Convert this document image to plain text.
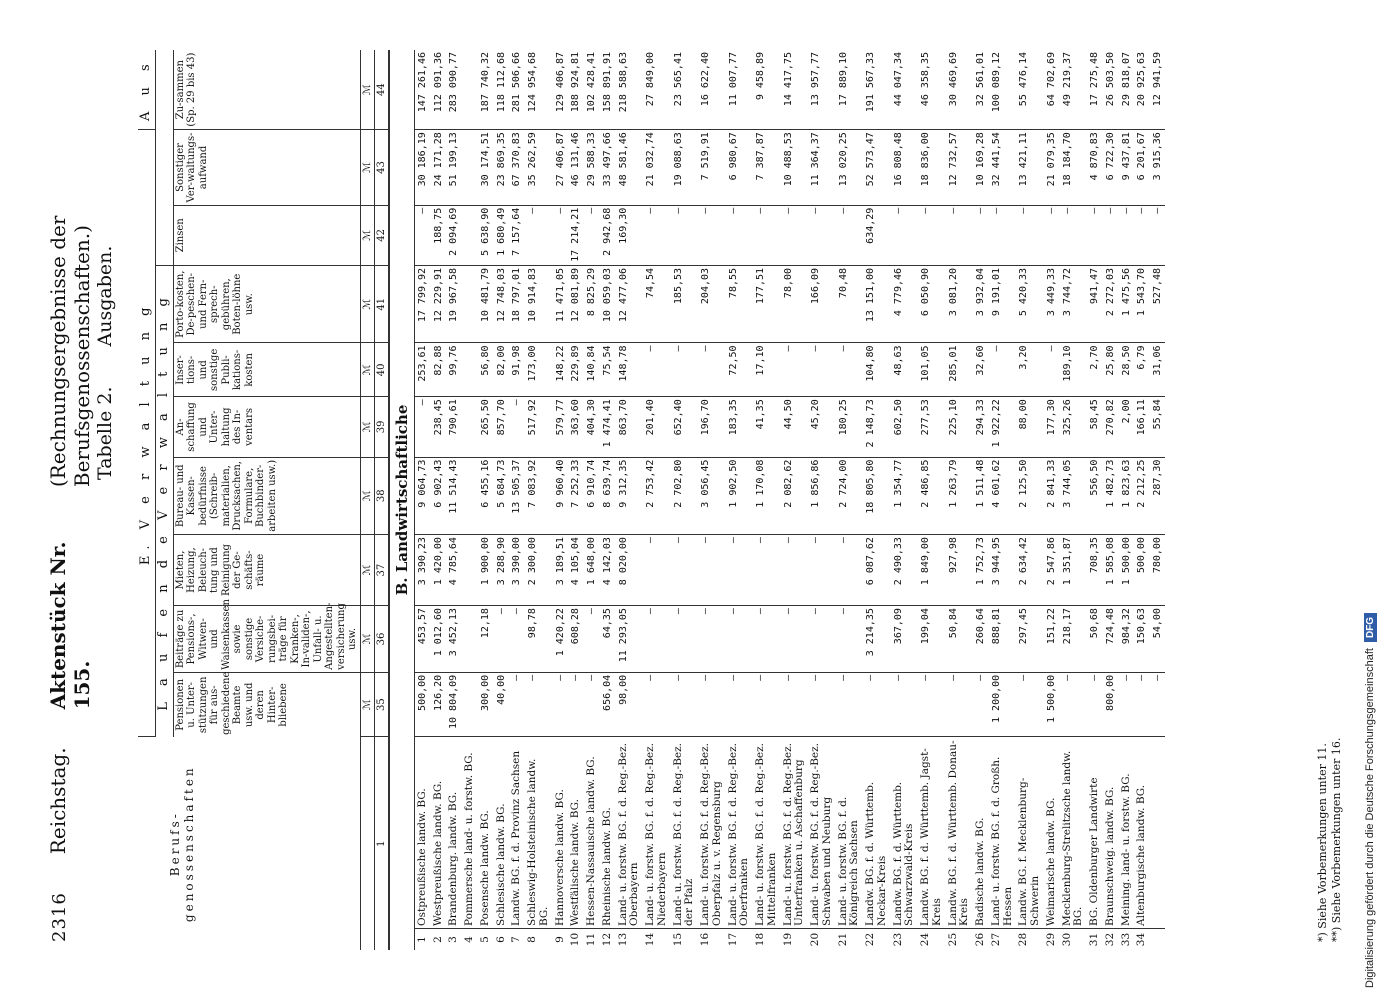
2316
Reichstag.
Aktenstück Nr. 155.
(Rechnungsergebnisse der Berufsgenossenschaften.) Tabelle 2.
Ausgaben.
Berufs-
genossenschaften		E. V e r w a l t u n g									A u s
		L a u f e n d e V e r w a l t u n g									
		Pensionen u. Unter-stützungen für aus-geschiedene Beamte usw. und deren Hinter-bliebene	Beiträge zu Pensions-, Witwen- und Waisenkassen sowie sonstige Versiche-rungsbei-träge für Kranken-, In-validen-, Unfall- u. Angestellten-versicherung usw.	Mieten, Heizung, Beleuch-tung und Reinigung der Ge-schäfts-räume	Bureau- und Kassen-bedürfnisse (Schreib-materialien, Drucksachen, Formulare, Buchbinder-arbeiten usw.)	An-schaffung und Unter-haltung des In-ventars	Inser-tions- und sonstige Publi-kations-kosten	Porto-kosten, De-peschen- und Fern-sprech-gebühren, Boten-löhne usw.	Zinsen	Sonstiger Ver-waltungs-aufwand	Zu-sammen (Sp. 29 bis 43)
		ℳ	ℳ	ℳ	ℳ	ℳ	ℳ	ℳ	ℳ	ℳ	ℳ
1		35	36	37	38	39	40	41	42	43	44
B. Landwirtschaftliche											
1	Ostpreußische landw. BG.	500,00	453,57	3 390,23	9 064,73	—	253,61	17 799,92	—	30 186,19	147 261,46
2	Westpreußische landw. BG.	126,20	1 012,60	1 420,00	6 902,43	238,45	82,88	12 229,91	188,75	24 171,28	112 091,36
3	Brandenburg. landw. BG.	10 804,09	3 452,13	4 785,64	11 514,43	790,61	99,76	19 967,58	2 094,69	51 199,13	283 090,77
4	Pommersche land- u. forstw. BG.										
5	Posensche landw. BG.	300,00	12,18	1 900,00	6 455,16	265,50	56,80	10 481,79	5 638,90	30 174,51	187 740,32
6	Schlesische landw. BG.	40,00	—	3 288,90	5 684,73	857,70	82,00	12 748,03	1 680,49	23 869,35	118 112,68
7	Landw. BG. f. d. Provinz Sachsen	—	—	3 390,00	13 505,37	—	91,98	18 797,01	7 157,64	67 370,83	281 506,66
8	Schleswig-Holsteinische landw. BG.	—	98,78	2 300,00	7 083,92	517,92	173,00	10 914,83	—	35 262,59	124 954,68
9	Hannoversche landw. BG.	—	1 420,22	3 189,51	9 960,40	579,77	148,22	11 471,05	—	27 406,87	129 406,87
10	Westfälische landw. BG.	—	608,28	4 105,04	7 252,33	363,60	229,89	12 081,89	17 214,21	46 131,46	188 924,81
11	Hessen-Nassauische landw. BG.	—	—	1 648,00	6 910,74	404,30	140,84	8 825,29	—	29 588,33	102 428,41
12	Rheinische landw. BG.	656,04	64,35	4 142,03	8 639,74	1 474,41	75,54	10 059,03	2 942,68	33 497,66	158 891,91
13	Land- u. forstw. BG. f. d. Reg.-Bez. Oberbayern	98,00	11 293,05	8 020,00	9 312,35	863,70	148,78	12 477,06	169,30	48 581,46	218 588,63
14	Land- u. forstw. BG. f. d. Reg.-Bez. Niederbayern	—	—	—	2 753,42	201,40	—	74,54	—	21 032,74	27 849,00
15	Land- u. forstw. BG. f. d. Reg.-Bez. der Pfalz	—	—	—	2 702,80	652,40	—	185,53	—	19 088,63	23 565,41
16	Land- u. forstw. BG. f. d. Reg.-Bez. Oberpfalz u. v. Regensburg	—	—	—	3 056,45	196,70	—	204,03	—	7 519,91	16 622,40
17	Land- u. forstw. BG. f. d. Reg.-Bez. Oberfranken	—	—	—	1 902,50	183,35	72,50	78,55	—	6 980,67	11 007,77
18	Land- u. forstw. BG. f. d. Reg.-Bez. Mittelfranken	—	—	—	1 170,08	41,35	17,10	177,51	—	7 387,87	9 458,89
19	Land- u. forstw. BG. f. d. Reg.-Bez. Unterfranken u. Aschaffenburg	—	—	—	2 082,62	44,50	—	78,00	—	10 488,53	14 417,75
20	Land- u. forstw. BG. f. d. Reg.-Bez. Schwaben und Neuburg	—	—	—	1 856,86	45,20	—	166,09	—	11 364,37	13 957,77
21	Land- u. forstw. BG. f. d. Königreich Sachsen	—	—	—	2 724,00	180,25	—	70,48	—	13 020,25	17 889,10
22	Landw. BG. f. d. Württemb. Neckar-Kreis	—	3 214,35	6 087,62	18 805,80	2 148,73	104,80	13 151,00	634,29	52 573,47	191 567,33
23	Landw. BG. f. d. Württemb. Schwarzwald-Kreis	—	367,09	2 490,33	1 354,77	602,50	48,63	4 779,46	—	16 808,48	44 047,34
24	Landw. BG. f. d. Württemb. Jagst-Kreis	—	199,04	1 849,00	2 486,85	277,53	101,05	6 050,90	—	18 836,00	46 358,35
25	Landw. BG. f. d. Württemb. Donau-Kreis	—	50,84	927,98	1 263,79	225,10	285,01	3 081,20	—	12 732,57	30 469,69
26	Badische landw. BG.	—	260,64	1 752,73	1 511,48	294,33	32,60	3 932,04	—	10 169,28	32 561,01
27	Land- u. forstw. BG. f. d. Großh. Hessen	1 200,00	888,81	3 944,95	4 601,62	1 922,22	—	9 191,01	—	32 441,54	100 089,12
28	Landw. BG. f. Mecklenburg-Schwerin	—	297,45	2 634,42	2 125,50	88,00	3,20	5 420,33	—	13 421,11	55 476,14
29	Weimarische landw. BG.	1 500,00	151,22	2 547,86	2 841,33	177,30	—	3 449,33	—	21 079,35	64 702,69
30	Mecklenburg-Strelitzsche landw. BG.	—	218,17	1 351,87	3 744,05	325,26	189,10	3 744,72	—	18 184,70	49 219,37
31	BG. Oldenburger Landwirte	—	50,68	708,35	556,50	58,45	2,70	941,47	—	4 870,83	17 275,48
32	Braunschweig. landw. BG.	800,00	724,48	1 585,08	1 482,73	270,82	25,80	2 272,03	—	6 722,30	26 503,50
33	Meining. land- u. forstw. BG.	—	984,32	1 500,00	1 823,63	2,00	28,50	1 475,56	—	9 437,81	29 818,07
34	Altenburgische landw. BG.	—	150,63	500,00	2 212,25	166,11	6,79	1 543,70	—	6 201,67	20 925,63
		—	54,00	780,00	287,30	55,84	31,06	527,48	—	3 915,36	12 941,59
*) Siehe Vorbemerkungen unter 11. **) Siehe Vorbemerkungen unter 16. Digitalisierung gefördert durch die Deutsche Forschungsgemeinschaft
DFG
